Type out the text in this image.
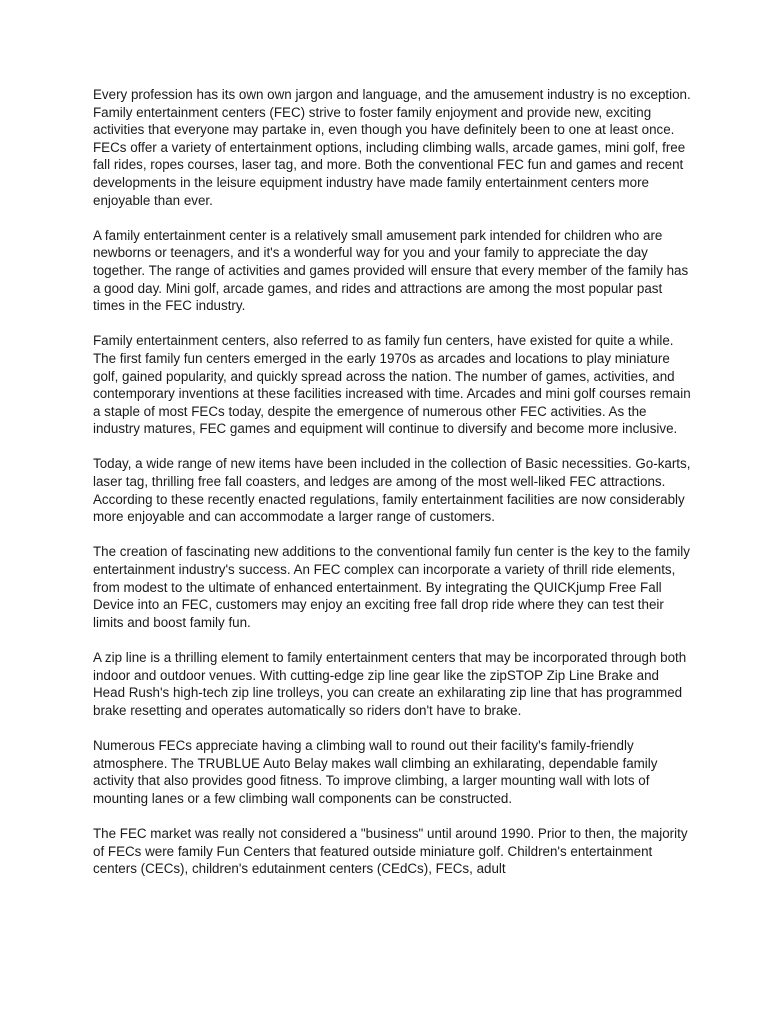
Every profession has its own own jargon and language, and the amusement industry is no exception. Family entertainment centers (FEC) strive to foster family enjoyment and provide new, exciting activities that everyone may partake in, even though you have definitely been to one at least once. FECs offer a variety of entertainment options, including climbing walls, arcade games, mini golf, free fall rides, ropes courses, laser tag, and more. Both the conventional FEC fun and games and recent developments in the leisure equipment industry have made family entertainment centers more enjoyable than ever.

A family entertainment center is a relatively small amusement park intended for children who are newborns or teenagers, and it's a wonderful way for you and your family to appreciate the day together. The range of activities and games provided will ensure that every member of the family has a good day. Mini golf, arcade games, and rides and attractions are among the most popular past times in the FEC industry.

Family entertainment centers, also referred to as family fun centers, have existed for quite a while. The first family fun centers emerged in the early 1970s as arcades and locations to play miniature golf, gained popularity, and quickly spread across the nation. The number of games, activities, and contemporary inventions at these facilities increased with time. Arcades and mini golf courses remain a staple of most FECs today, despite the emergence of numerous other FEC activities. As the industry matures, FEC games and equipment will continue to diversify and become more inclusive.

Today, a wide range of new items have been included in the collection of Basic necessities. Go-karts, laser tag, thrilling free fall coasters, and ledges are among of the most well-liked FEC attractions. According to these recently enacted regulations, family entertainment facilities are now considerably more enjoyable and can accommodate a larger range of customers.

The creation of fascinating new additions to the conventional family fun center is the key to the family entertainment industry's success. An FEC complex can incorporate a variety of thrill ride elements, from modest to the ultimate of enhanced entertainment. By integrating the QUICKjump Free Fall Device into an FEC, customers may enjoy an exciting free fall drop ride where they can test their limits and boost family fun.

A zip line is a thrilling element to family entertainment centers that may be incorporated through both indoor and outdoor venues. With cutting-edge zip line gear like the zipSTOP Zip Line Brake and Head Rush's high-tech zip line trolleys, you can create an exhilarating zip line that has programmed brake resetting and operates automatically so riders don't have to brake.

Numerous FECs appreciate having a climbing wall to round out their facility's family-friendly atmosphere. The TRUBLUE Auto Belay makes wall climbing an exhilarating, dependable family activity that also provides good fitness. To improve climbing, a larger mounting wall with lots of mounting lanes or a few climbing wall components can be constructed.

The FEC market was really not considered a "business" until around 1990. Prior to then, the majority of FECs were family Fun Centers that featured outside miniature golf. Children's entertainment centers (CECs), children's edutainment centers (CEdCs), FECs, adult
